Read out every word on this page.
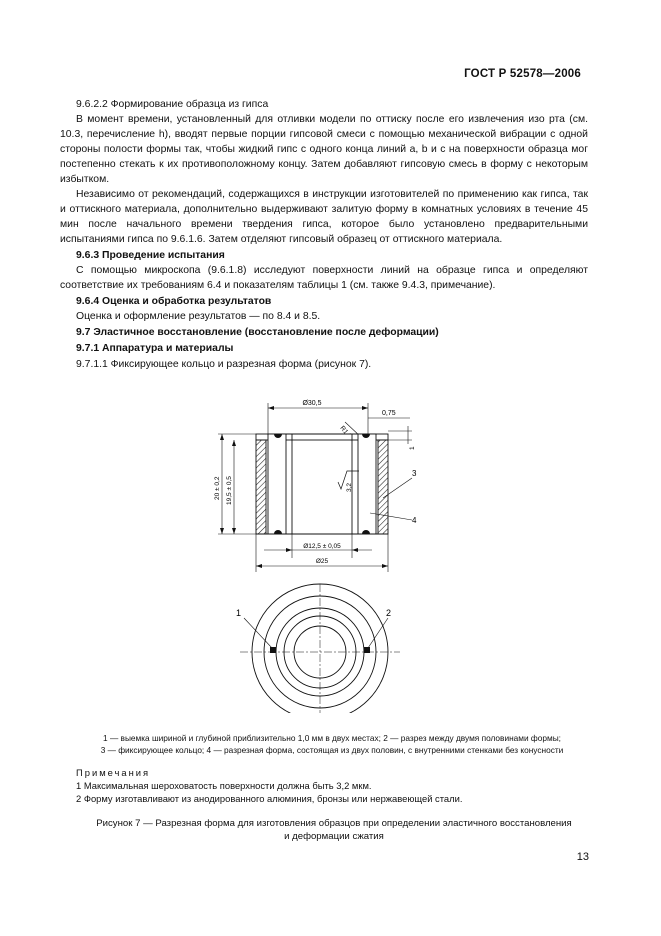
ГОСТ Р 52578—2006
9.6.2.2 Формирование образца из гипса
В момент времени, установленный для отливки модели по оттиску после его извлечения изо рта (см. 10.3, перечисление h), вводят первые порции гипсовой смеси с помощью механической вибрации с одной стороны полости формы так, чтобы жидкий гипс с одного конца линий a, b и c на поверхности образца мог постепенно стекать к их противоположному концу. Затем добавляют гипсовую смесь в форму с некоторым избытком.
Независимо от рекомендаций, содержащихся в инструкции изготовителей по применению как гипса, так и оттискного материала, дополнительно выдерживают залитую форму в комнатных условиях в течение 45 мин после начального времени твердения гипса, которое было установлено предварительными испытаниями гипса по 9.6.1.6. Затем отделяют гипсовый образец от оттискного материала.
9.6.3 Проведение испытания
С помощью микроскопа (9.6.1.8) исследуют поверхности линий на образце гипса и определяют соответствие их требованиям 6.4 и показателям таблицы 1 (см. также 9.4.3, примечание).
9.6.4 Оценка и обработка результатов
Оценка и оформление результатов — по 8.4 и 8.5.
9.7 Эластичное восстановление (восстановление после деформации)
9.7.1 Аппаратура и материалы
9.7.1.1 Фиксирующее кольцо и разрезная форма (рисунок 7).
Ø30,5
0,75
1
3,2
20 ± 0,2 19,5 ± 0,5
Ø12,5 ± 0,05
Ø25
3
4
1	2
1 — выемка шириной и глубиной приблизительно 1,0 мм в двух местах; 2 — разрез между двумя половинами формы;
3 — фиксирующее кольцо; 4 — разрезная форма, состоящая из двух половин, с внутренними стенками без конусности
Примечания
1 Максимальная шероховатость поверхности должна быть 3,2 мкм.
2 Форму изготавливают из анодированного алюминия, бронзы или нержавеющей стали.
Рисунок 7 — Разрезная форма для изготовления образцов при определении эластичного восстановления
и деформации сжатия
13
